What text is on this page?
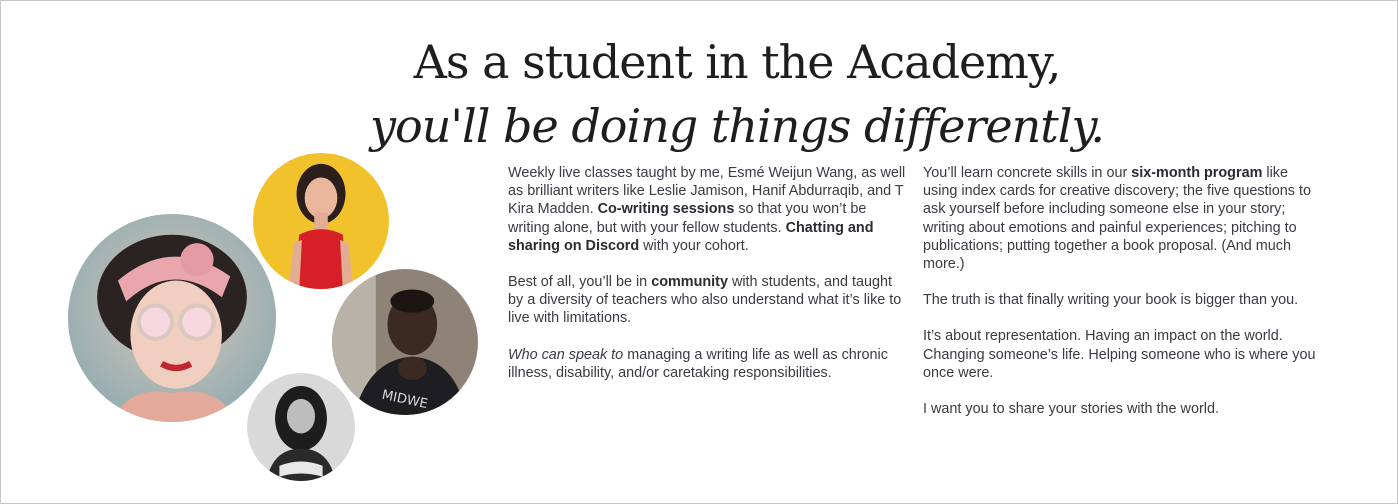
As a student in the Academy,
you'll be doing things differently.
MIDWE

Weekly live classes taught by me, Esmé Weijun Wang, as well as brilliant writers like Leslie Jamison, Hanif Abdurraqib, and T Kira Madden. Co-writing sessions so that you won’t be writing alone, but with your fellow students. Chatting and sharing on Discord with your cohort.

Best of all, you’ll be in community with students, and taught by a diversity of teachers who also understand what it’s like to live with limitations.

Who can speak to managing a writing life as well as chronic illness, disability, and/or caretaking responsibilities.

You’ll learn concrete skills in our six-month program like using index cards for creative discovery; the five questions to ask yourself before including someone else in your story; writing about emotions and painful experiences; pitching to publications; putting together a book proposal. (And much more.)

The truth is that finally writing your book is bigger than you.

It’s about representation. Having an impact on the world. Changing someone’s life. Helping someone who is where you once were.

I want you to share your stories with the world.
